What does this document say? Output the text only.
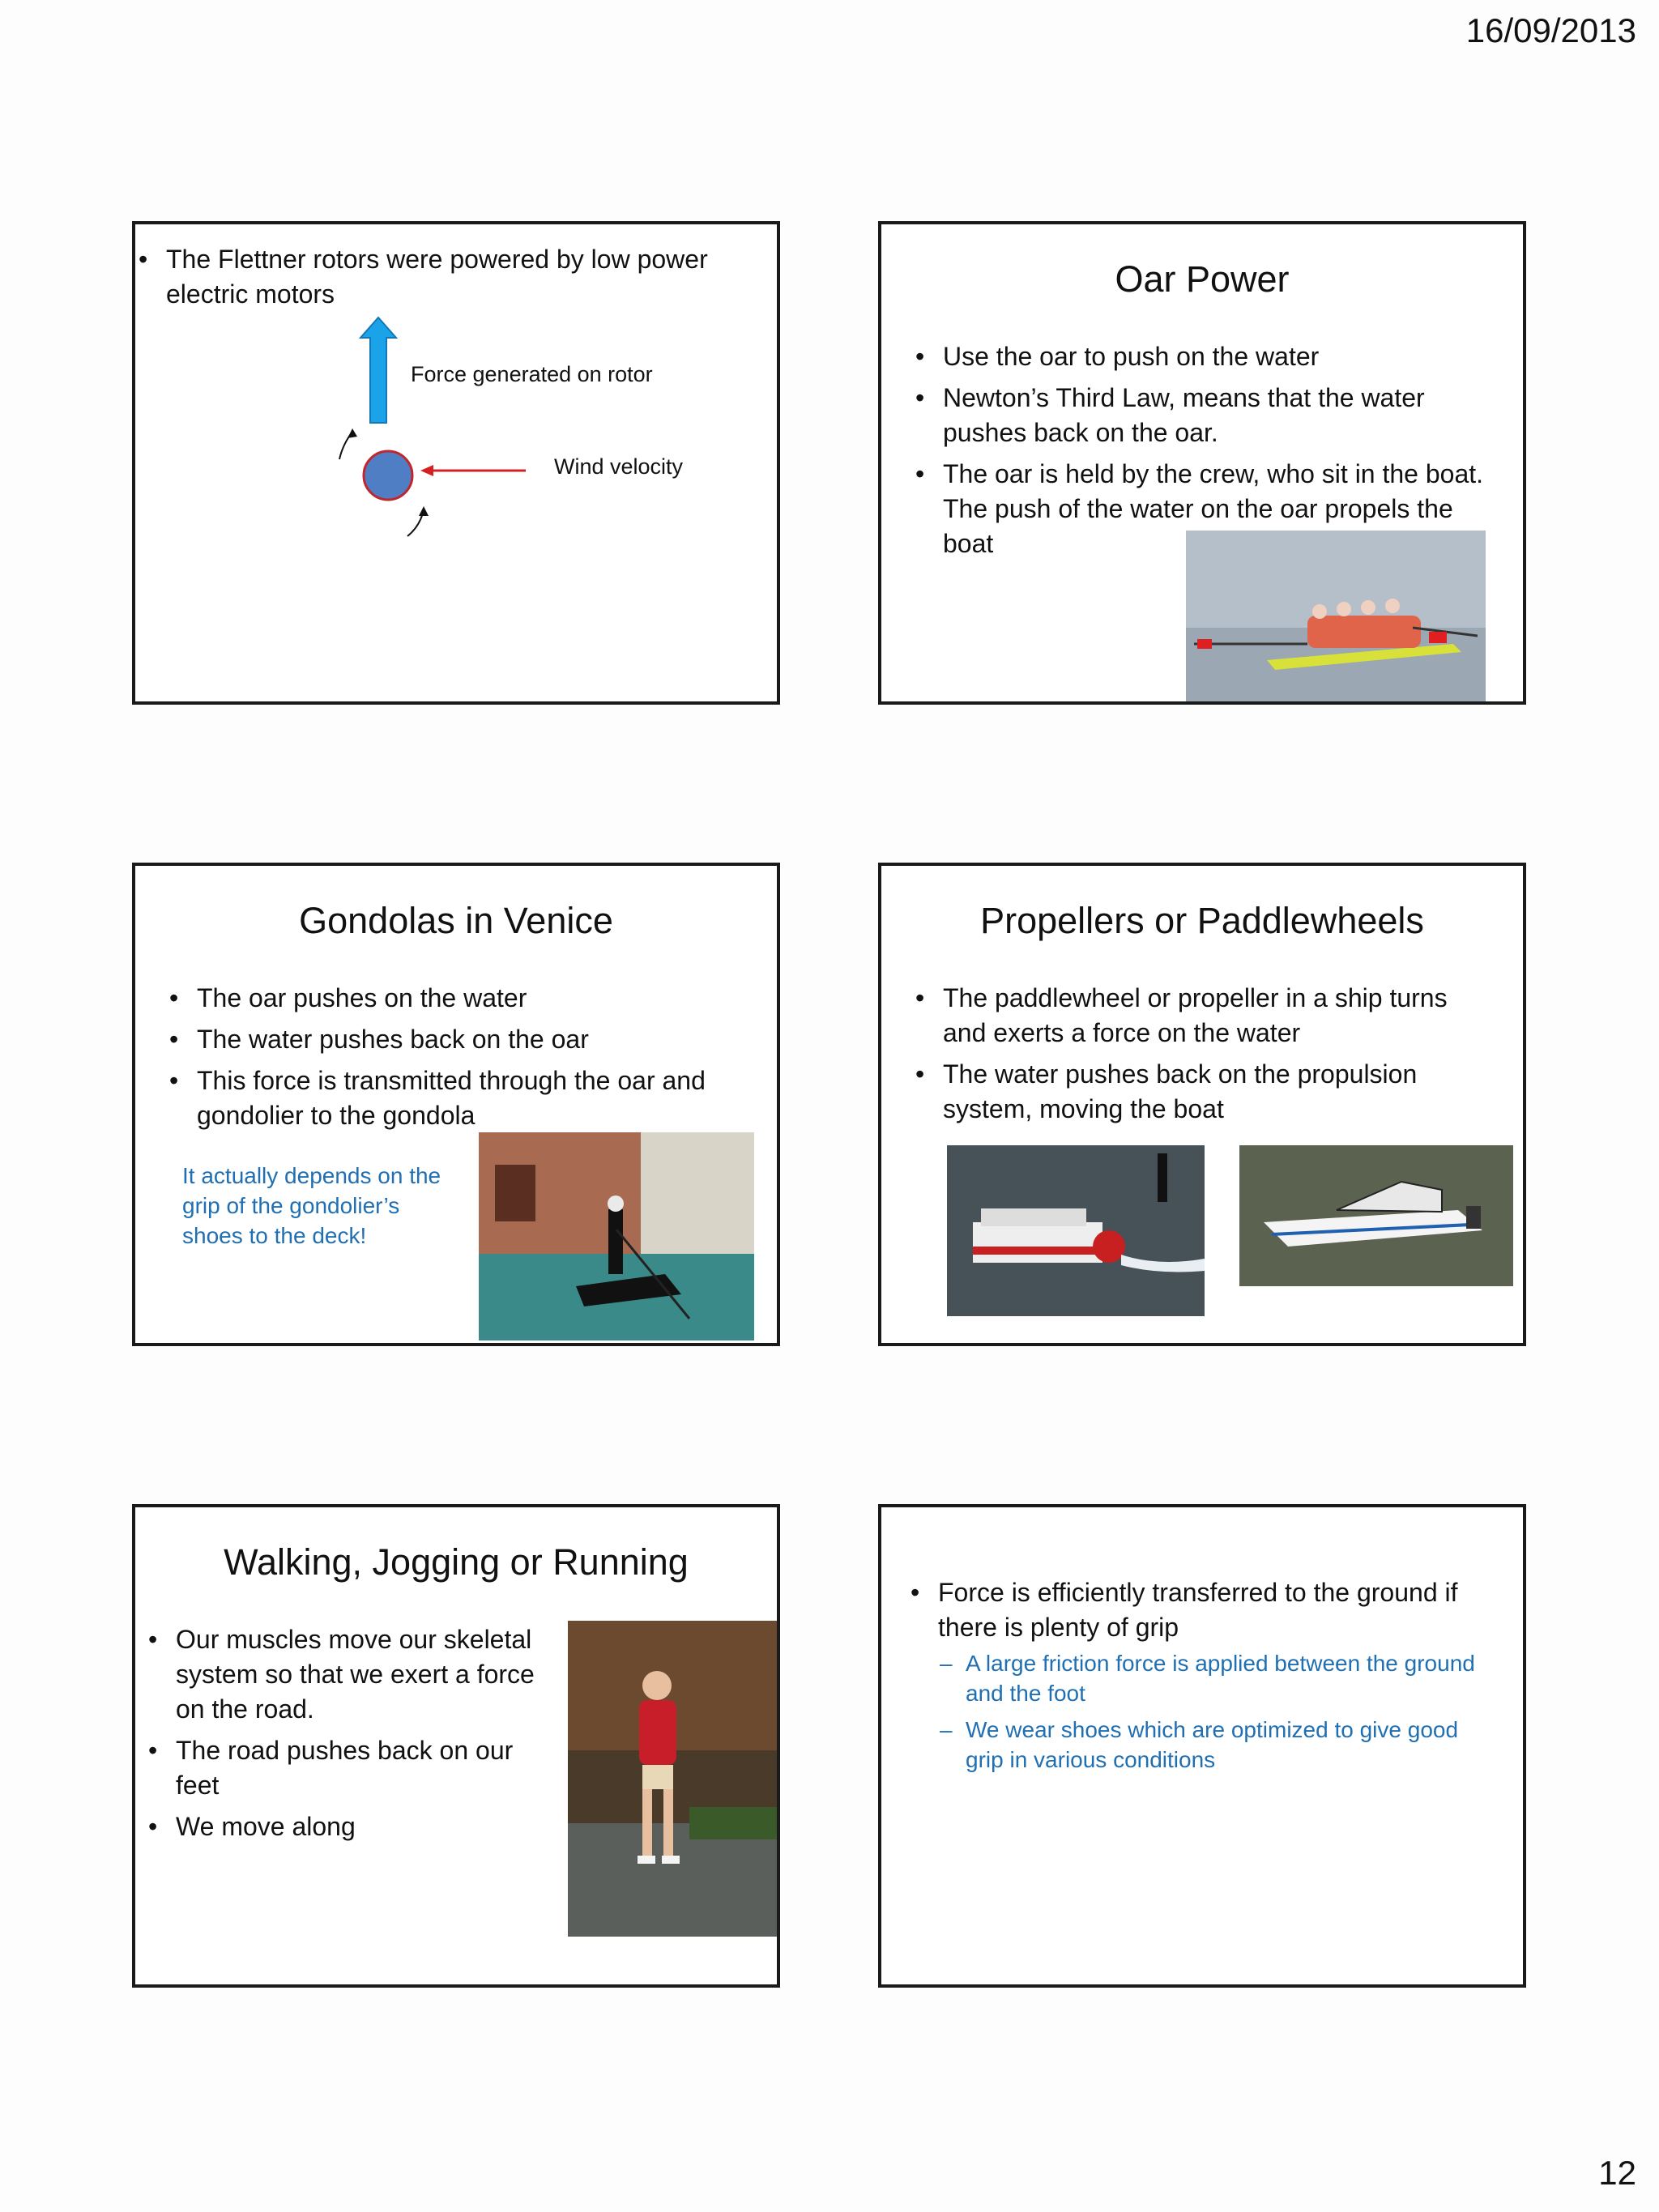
16/09/2013
• The Flettner rotors were powered by low power electric motors
Force generated on rotor
Wind velocity
Oar Power
• Use the oar to push on the water
• Newton’s Third Law, means that the water pushes back on the oar.
• The oar is held by the crew, who sit in the boat. The push of the water on the oar propels the boat
Gondolas in Venice
• The oar pushes on the water
• The water pushes back on the oar
• This force is transmitted through the oar and gondolier to the gondola
It actually depends on the grip of the gondolier’s shoes to the deck!
Propellers or Paddlewheels
• The paddlewheel or propeller in a ship turns and exerts a force on the water
• The water pushes back on the propulsion system, moving the boat
Walking, Jogging or Running
• Our muscles move our skeletal system so that we exert a force on the road.
• The road pushes back on our feet
• We move along
• Force is efficiently transferred to the ground if there is plenty of grip
– A large friction force is applied between the ground and the foot
– We wear shoes which are optimized to give good grip in various conditions
12
